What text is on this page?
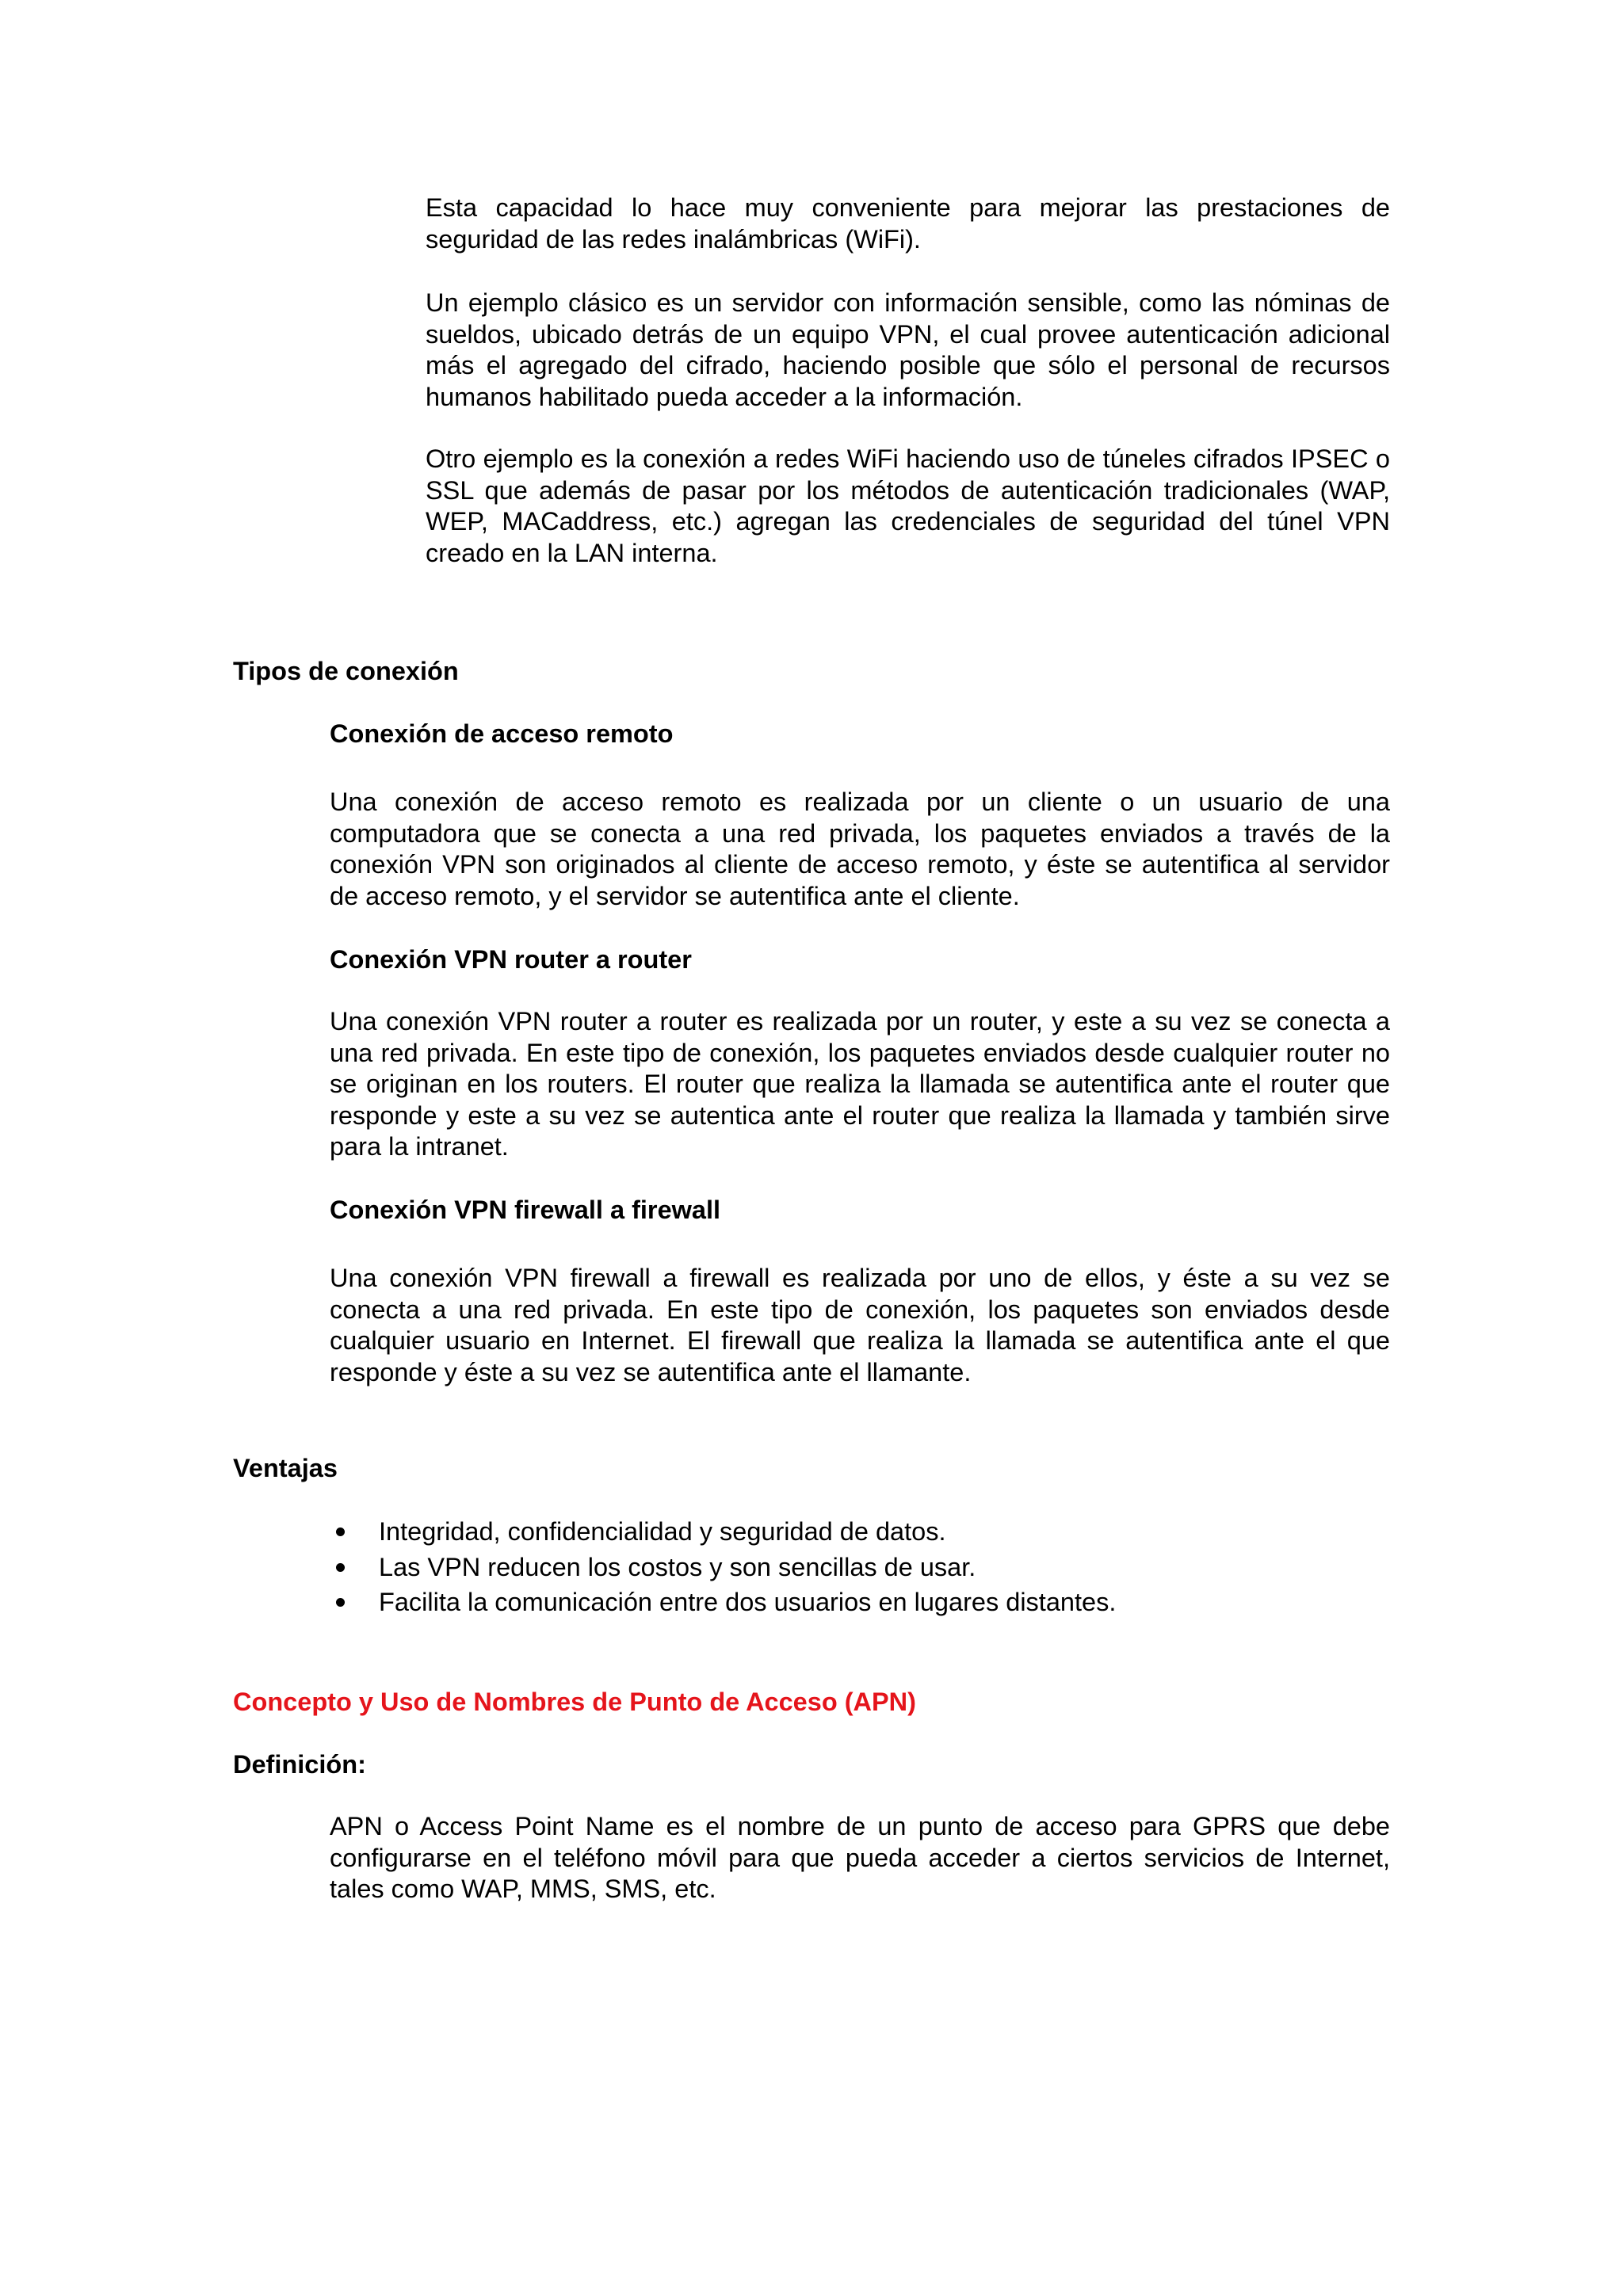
Esta capacidad lo hace muy conveniente para mejorar las prestaciones de seguridad de las redes inalámbricas (WiFi).

Un ejemplo clásico es un servidor con información sensible, como las nóminas de sueldos, ubicado detrás de un equipo VPN, el cual provee autenticación adicional más el agregado del cifrado, haciendo posible que sólo el personal de recursos humanos habilitado pueda acceder a la información.

Otro ejemplo es la conexión a redes WiFi haciendo uso de túneles cifrados IPSEC o SSL que además de pasar por los métodos de autenticación tradicionales (WAP, WEP, MACaddress, etc.) agregan las credenciales de seguridad del túnel VPN creado en la LAN interna.

Tipos de conexión
Conexión de acceso remoto

Una conexión de acceso remoto es realizada por un cliente o un usuario de una computadora que se conecta a una red privada, los paquetes enviados a través de la conexión VPN son originados al cliente de acceso remoto, y éste se autentifica al servidor de acceso remoto, y el servidor se autentifica ante el cliente.

Conexión VPN router a router

Una conexión VPN router a router es realizada por un router, y este a su vez se conecta a una red privada. En este tipo de conexión, los paquetes enviados desde cualquier router no se originan en los routers. El router que realiza la llamada se autentifica ante el router que responde y este a su vez se autentica ante el router que realiza la llamada y también sirve para la intranet.

Conexión VPN firewall a firewall

Una conexión VPN firewall a firewall es realizada por uno de ellos, y éste a su vez se conecta a una red privada. En este tipo de conexión, los paquetes son enviados desde cualquier usuario en Internet. El firewall que realiza la llamada se autentifica ante el que responde y éste a su vez se autentifica ante el llamante.

Ventajas
Integridad, confidencialidad y seguridad de datos.
Las VPN reducen los costos y son sencillas de usar.
Facilita la comunicación entre dos usuarios en lugares distantes.
Concepto y Uso de Nombres de Punto de Acceso (APN)
Definición:

APN o Access Point Name es el nombre de un punto de acceso para GPRS que debe configurarse en el teléfono móvil para que pueda acceder a ciertos servicios de Internet, tales como WAP, MMS, SMS, etc.
